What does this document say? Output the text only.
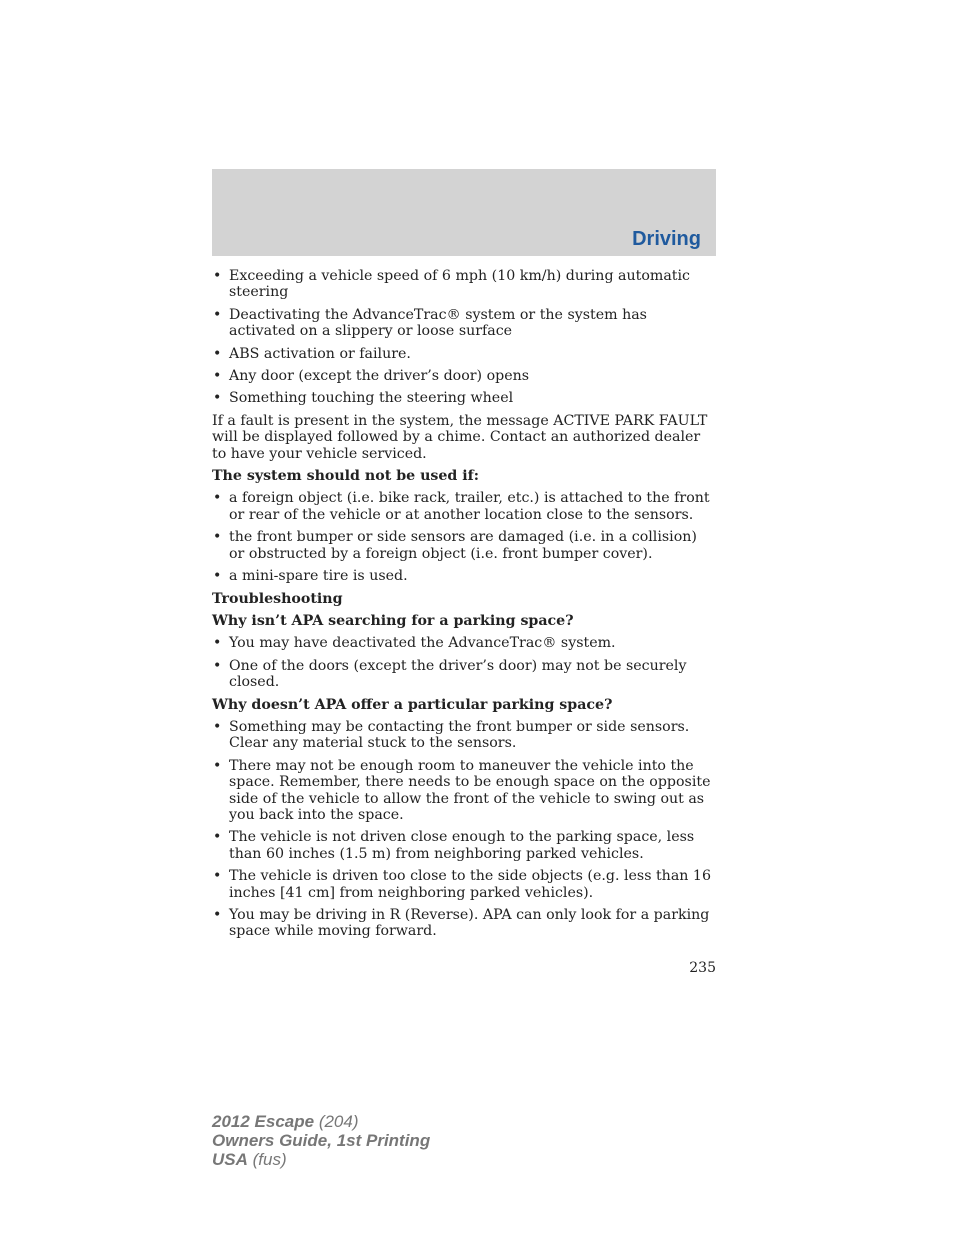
Driving
• Exceeding a vehicle speed of 6 mph (10 km/h) during automatic steering
• Deactivating the AdvanceTrac® system or the system has activated on a slippery or loose surface
• ABS activation or failure.
• Any door (except the driver’s door) opens
• Something touching the steering wheel

If a fault is present in the system, the message ACTIVE PARK FAULT will be displayed followed by a chime. Contact an authorized dealer to have your vehicle serviced.

The system should not be used if:

• a foreign object (i.e. bike rack, trailer, etc.) is attached to the front or rear of the vehicle or at another location close to the sensors.
• the front bumper or side sensors are damaged (i.e. in a collision) or obstructed by a foreign object (i.e. front bumper cover).
• a mini-spare tire is used.

Troubleshooting

Why isn’t APA searching for a parking space?

• You may have deactivated the AdvanceTrac® system.
• One of the doors (except the driver’s door) may not be securely closed.

Why doesn’t APA offer a particular parking space?

• Something may be contacting the front bumper or side sensors. Clear any material stuck to the sensors.
• There may not be enough room to maneuver the vehicle into the space. Remember, there needs to be enough space on the opposite side of the vehicle to allow the front of the vehicle to swing out as you back into the space.
• The vehicle is not driven close enough to the parking space, less than 60 inches (1.5 m) from neighboring parked vehicles.
• The vehicle is driven too close to the side objects (e.g. less than 16 inches [41 cm] from neighboring parked vehicles).
• You may be driving in R (Reverse). APA can only look for a parking space while moving forward.
235
2012 Escape (204)
Owners Guide, 1st Printing
USA (fus)
